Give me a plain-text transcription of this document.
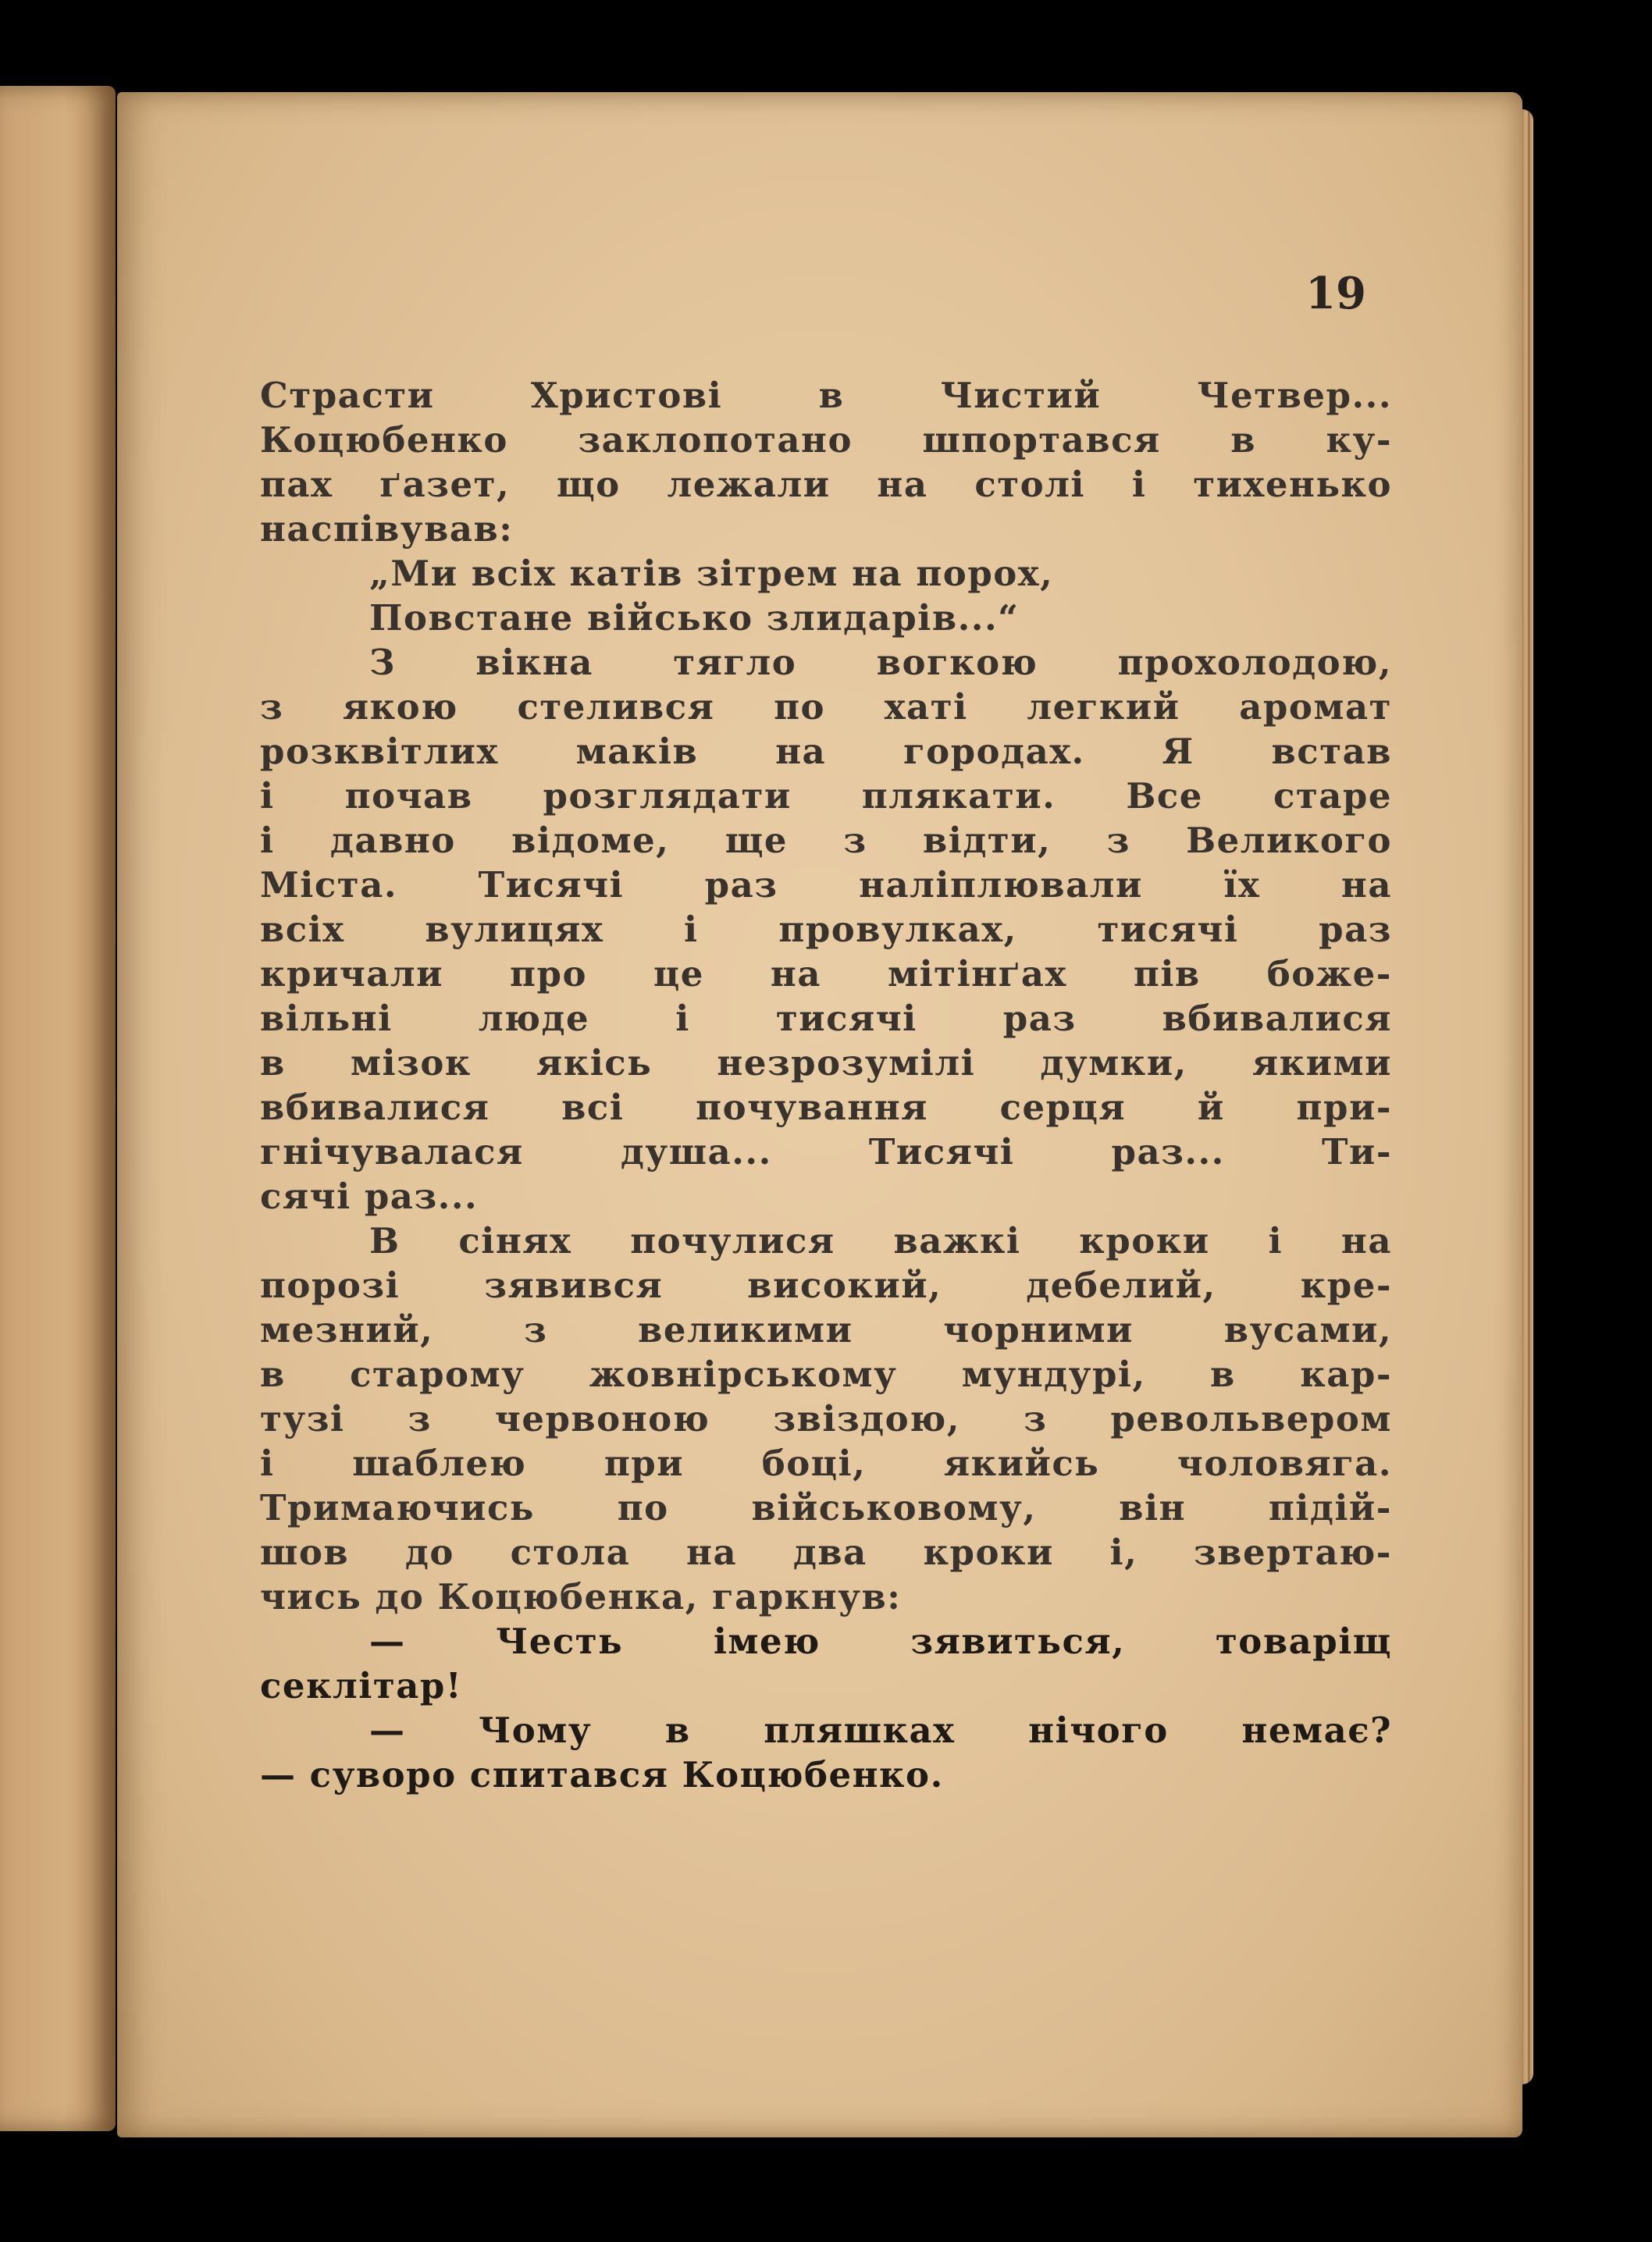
19
Страсти Христові в Чистий Четвер...
Коцюбенко заклопотано шпортався в ку-
пах ґазет, що лежали на столі і тихенько
наспівував:
„Ми всіх катів зітрем на порох,
Повстане військо злидарів...“
З вікна тягло вогкою прохолодою,
з якою стелився по хаті легкий аромат
розквітлих маків на городах. Я встав
і почав розглядати плякати. Все старе
і давно відоме, ще з відти, з Великого
Міста. Тисячі раз наліплювали їх на
всіх вулицях і провулках, тисячі раз
кричали про це на мітінґах пів боже-
вільні люде і тисячі раз вбивалися
в мізок якісь незрозумілі думки, якими
вбивалися всі почування серця й при-
гнічувалася душа... Тисячі раз... Ти-
сячі раз...
В сінях почулися важкі кроки і на
порозі зявився високий, дебелий, кре-
мезний, з великими чорними вусами,
в старому жовнірському мундурі, в кар-
тузі з червоною звіздою, з револьвером
і шаблею при боці, якийсь чоловяга.
Тримаючись по військовому, він підій-
шов до стола на два кроки і, звертаю-
чись до Коцюбенка, гаркнув:
— Честь імею зявиться, товаріщ
секлітар!
— Чому в пляшках нічого немає?
— суворо спитався Коцюбенко.
